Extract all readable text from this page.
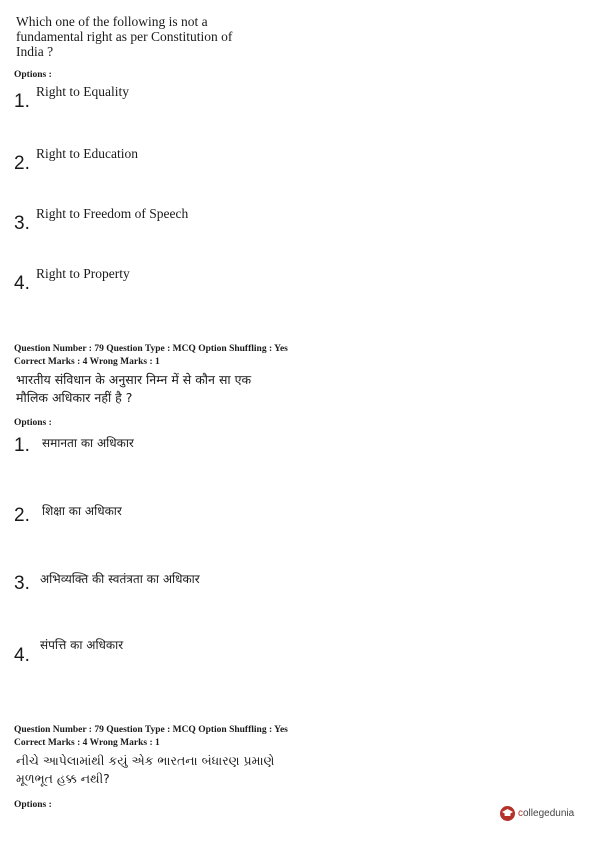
Which one of the following is not a
fundamental right as per Constitution of
India ?
Options :
1. Right to Equality
2. Right to Education
3. Right to Freedom of Speech
4. Right to Property
Question Number : 79 Question Type : MCQ Option Shuffling : Yes
Correct Marks : 4 Wrong Marks : 1
भारतीय संविधान के अनुसार निम्न में से कौन सा एक
मौलिक अधिकार नहीं है ?
Options :
1. समानता का अधिकार
2. शिक्षा का अधिकार
3. अभिव्यक्ति की स्वतंत्रता का अधिकार
4. संपत्ति का अधिकार
Question Number : 79 Question Type : MCQ Option Shuffling : Yes
Correct Marks : 4 Wrong Marks : 1
નીચે આપેલામાંથી કયું એક ભારતના બંધારણ પ્રમાણે
મૂળભૂત હક્ક નથી?
Options :
collegedunia
